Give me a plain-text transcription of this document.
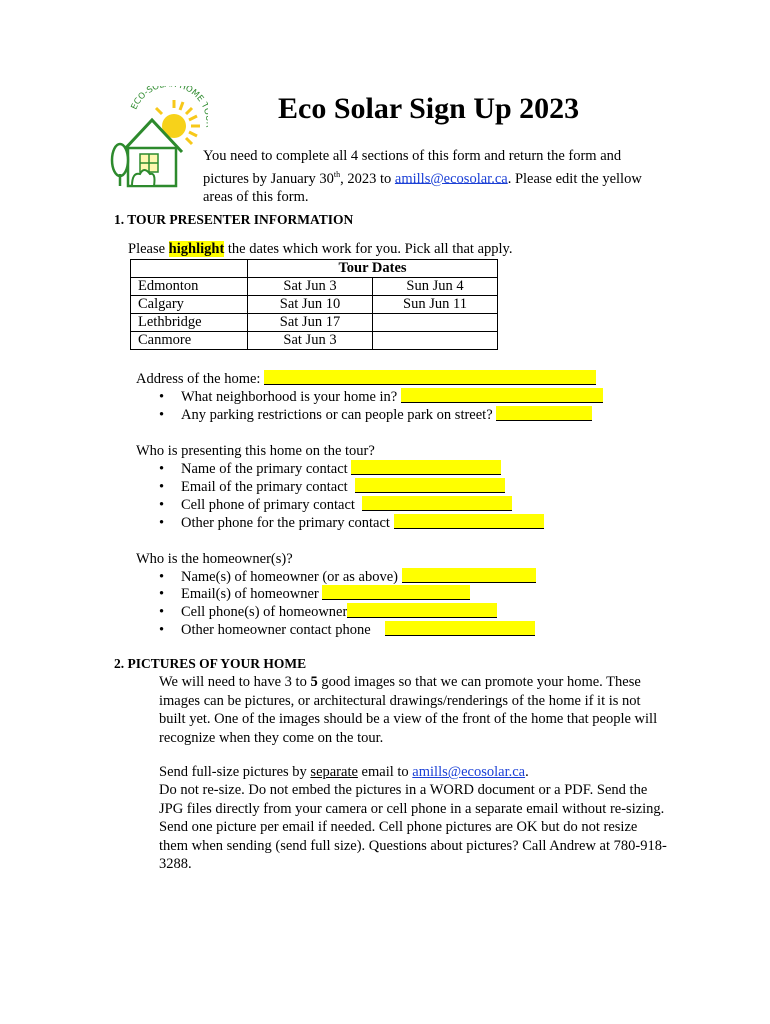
ECO-SO HOME Eco Solar Sign Up 2023
You need to complete all 4 sections of this form and return the form and pictures by January 30th, 2023 to amills@ecosolar.ca. Please edit the yellow areas of this form.
1. TOUR PRESENTER INFORMATION
Please highlight the dates which work for you. Pick all that apply.
	Tour Dates	
Edmonton	Sat Jun 3	Sun Jun 4
Calgary	Sat Jun 10	Sun Jun 11
Lethbridge	Sat Jun 17	
Canmore	Sat Jun 3	
Address of the home:
• What neighborhood is your home in?
• Any parking restrictions or can people park on street?
Who is presenting this home on the tour?
• Name of the primary contact
• Email of the primary contact
• Cell phone of primary contact
• Other phone for the primary contact
Who is the homeowner(s)?
• Name(s) of homeowner (or as above)
• Email(s) of homeowner
• Cell phone(s) of homeowner
• Other homeowner contact phone
2. PICTURES OF YOUR HOME
We will need to have 3 to 5 good images so that we can promote your home. These images can be pictures, or architectural drawings/renderings of the home if it is not built yet. One of the images should be a view of the front of the home that people will recognize when they come on the tour.
Send full-size pictures by separate email to amills@ecosolar.ca.
Do not re-size. Do not embed the pictures in a WORD document or a PDF. Send the JPG files directly from your camera or cell phone in a separate email without re-sizing. Send one picture per email if needed. Cell phone pictures are OK but do not resize them when sending (send full size). Questions about pictures? Call Andrew at 780-918-3288.
